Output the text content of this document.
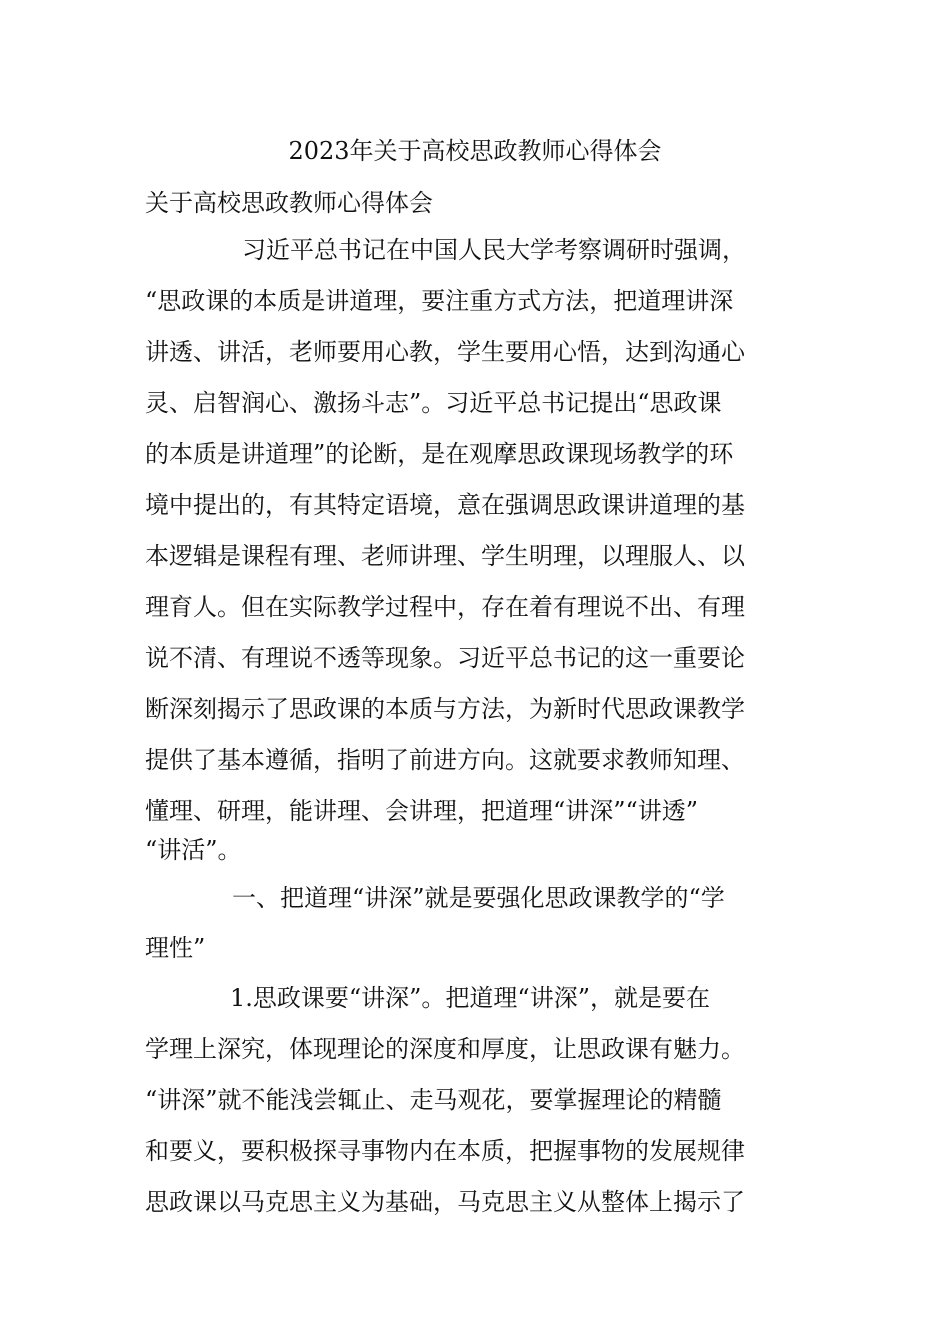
2023年关于高校思政教师心得体会
关于高校思政教师心得体会
习近平总书记在中国人民大学考察调研时强调，
“思政课的本质是讲道理，要注重方式方法，把道理讲深
讲透、讲活，老师要用心教，学生要用心悟，达到沟通心
灵、启智润心、激扬斗志”。习近平总书记提出“思政课
的本质是讲道理”的论断，是在观摩思政课现场教学的环
境中提出的，有其特定语境，意在强调思政课讲道理的基
本逻辑是课程有理、老师讲理、学生明理，以理服人、以
理育人。但在实际教学过程中，存在着有理说不出、有理
说不清、有理说不透等现象。习近平总书记的这一重要论
断深刻揭示了思政课的本质与方法，为新时代思政课教学
提供了基本遵循，指明了前进方向。这就要求教师知理、
懂理、研理，能讲理、会讲理，把道理“讲深”“讲透”
“讲活”。
一、把道理“讲深”就是要强化思政课教学的“学
理性”
1.思政课要“讲深”。把道理“讲深”，就是要在
学理上深究，体现理论的深度和厚度，让思政课有魅力。
“讲深”就不能浅尝辄止、走马观花，要掌握理论的精髓
和要义，要积极探寻事物内在本质，把握事物的发展规律
思政课以马克思主义为基础，马克思主义从整体上揭示了
